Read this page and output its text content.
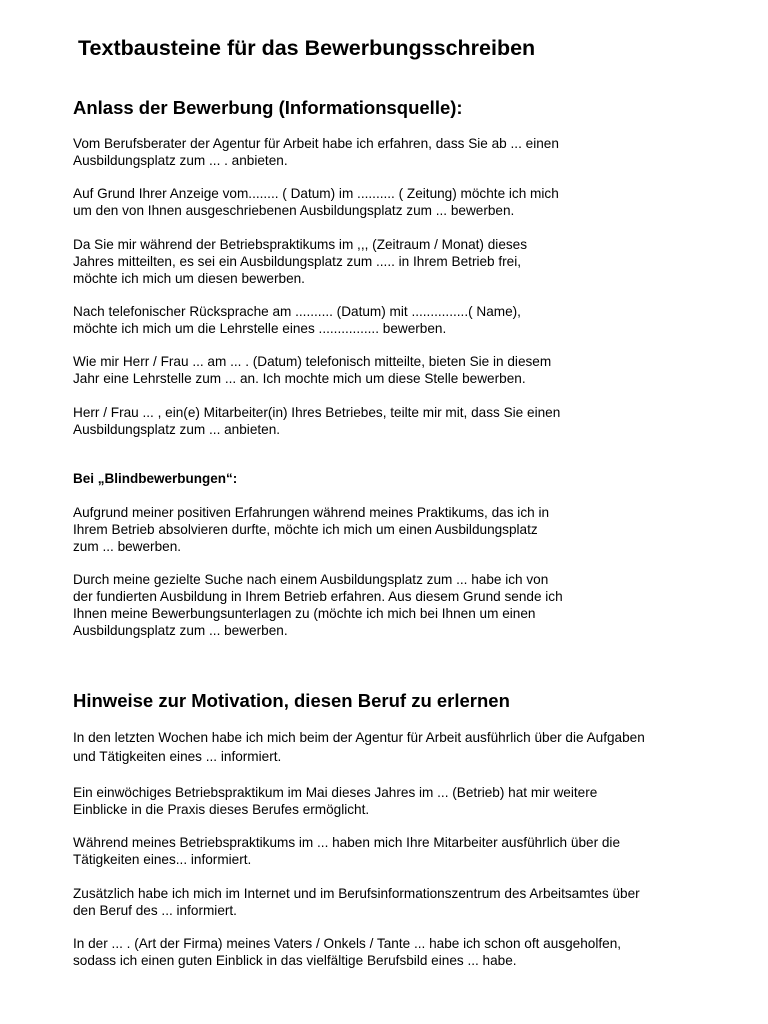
Textbausteine für das Bewerbungsschreiben
Anlass der Bewerbung (Informationsquelle):
Vom Berufsberater der Agentur für Arbeit habe ich erfahren, dass Sie ab ... einen
Ausbildungsplatz zum ... . anbieten.
Auf Grund Ihrer Anzeige vom........ ( Datum) im .......... ( Zeitung) möchte ich mich
um den von Ihnen ausgeschriebenen Ausbildungsplatz zum ... bewerben.
Da Sie mir während der Betriebspraktikums im ,,, (Zeitraum / Monat) dieses
Jahres mitteilten, es sei ein Ausbildungsplatz zum ..... in Ihrem Betrieb frei,
möchte ich mich um diesen bewerben.
Nach telefonischer Rücksprache am .......... (Datum) mit ...............( Name),
möchte ich mich um die Lehrstelle eines ................ bewerben.
Wie mir Herr / Frau ... am ... . (Datum) telefonisch mitteilte, bieten Sie in diesem
Jahr eine Lehrstelle zum ... an. Ich mochte mich um diese Stelle bewerben.
Herr / Frau ... , ein(e) Mitarbeiter(in) Ihres Betriebes, teilte mir mit, dass Sie einen
Ausbildungsplatz zum ... anbieten.
Bei „Blindbewerbungen“:
Aufgrund meiner positiven Erfahrungen während meines Praktikums, das ich in
Ihrem Betrieb absolvieren durfte, möchte ich mich um einen Ausbildungsplatz
zum ... bewerben.
Durch meine gezielte Suche nach einem Ausbildungsplatz zum ... habe ich von
der fundierten Ausbildung in Ihrem Betrieb erfahren. Aus diesem Grund sende ich
Ihnen meine Bewerbungsunterlagen zu (möchte ich mich bei Ihnen um einen
Ausbildungsplatz zum ... bewerben.
Hinweise zur Motivation, diesen Beruf zu erlernen
In den letzten Wochen habe ich mich beim der Agentur für Arbeit ausführlich über die Aufgaben
und Tätigkeiten eines ... informiert.
Ein einwöchiges Betriebspraktikum im Mai dieses Jahres im ... (Betrieb) hat mir weitere
Einblicke in die Praxis dieses Berufes ermöglicht.
Während meines Betriebspraktikums im ... haben mich Ihre Mitarbeiter ausführlich über die
Tätigkeiten eines... informiert.
Zusätzlich habe ich mich im Internet und im Berufsinformationszentrum des Arbeitsamtes über
den Beruf des ... informiert.
In der ... . (Art der Firma) meines Vaters / Onkels / Tante ... habe ich schon oft ausgeholfen,
sodass ich einen guten Einblick in das vielfältige Berufsbild eines ... habe.
